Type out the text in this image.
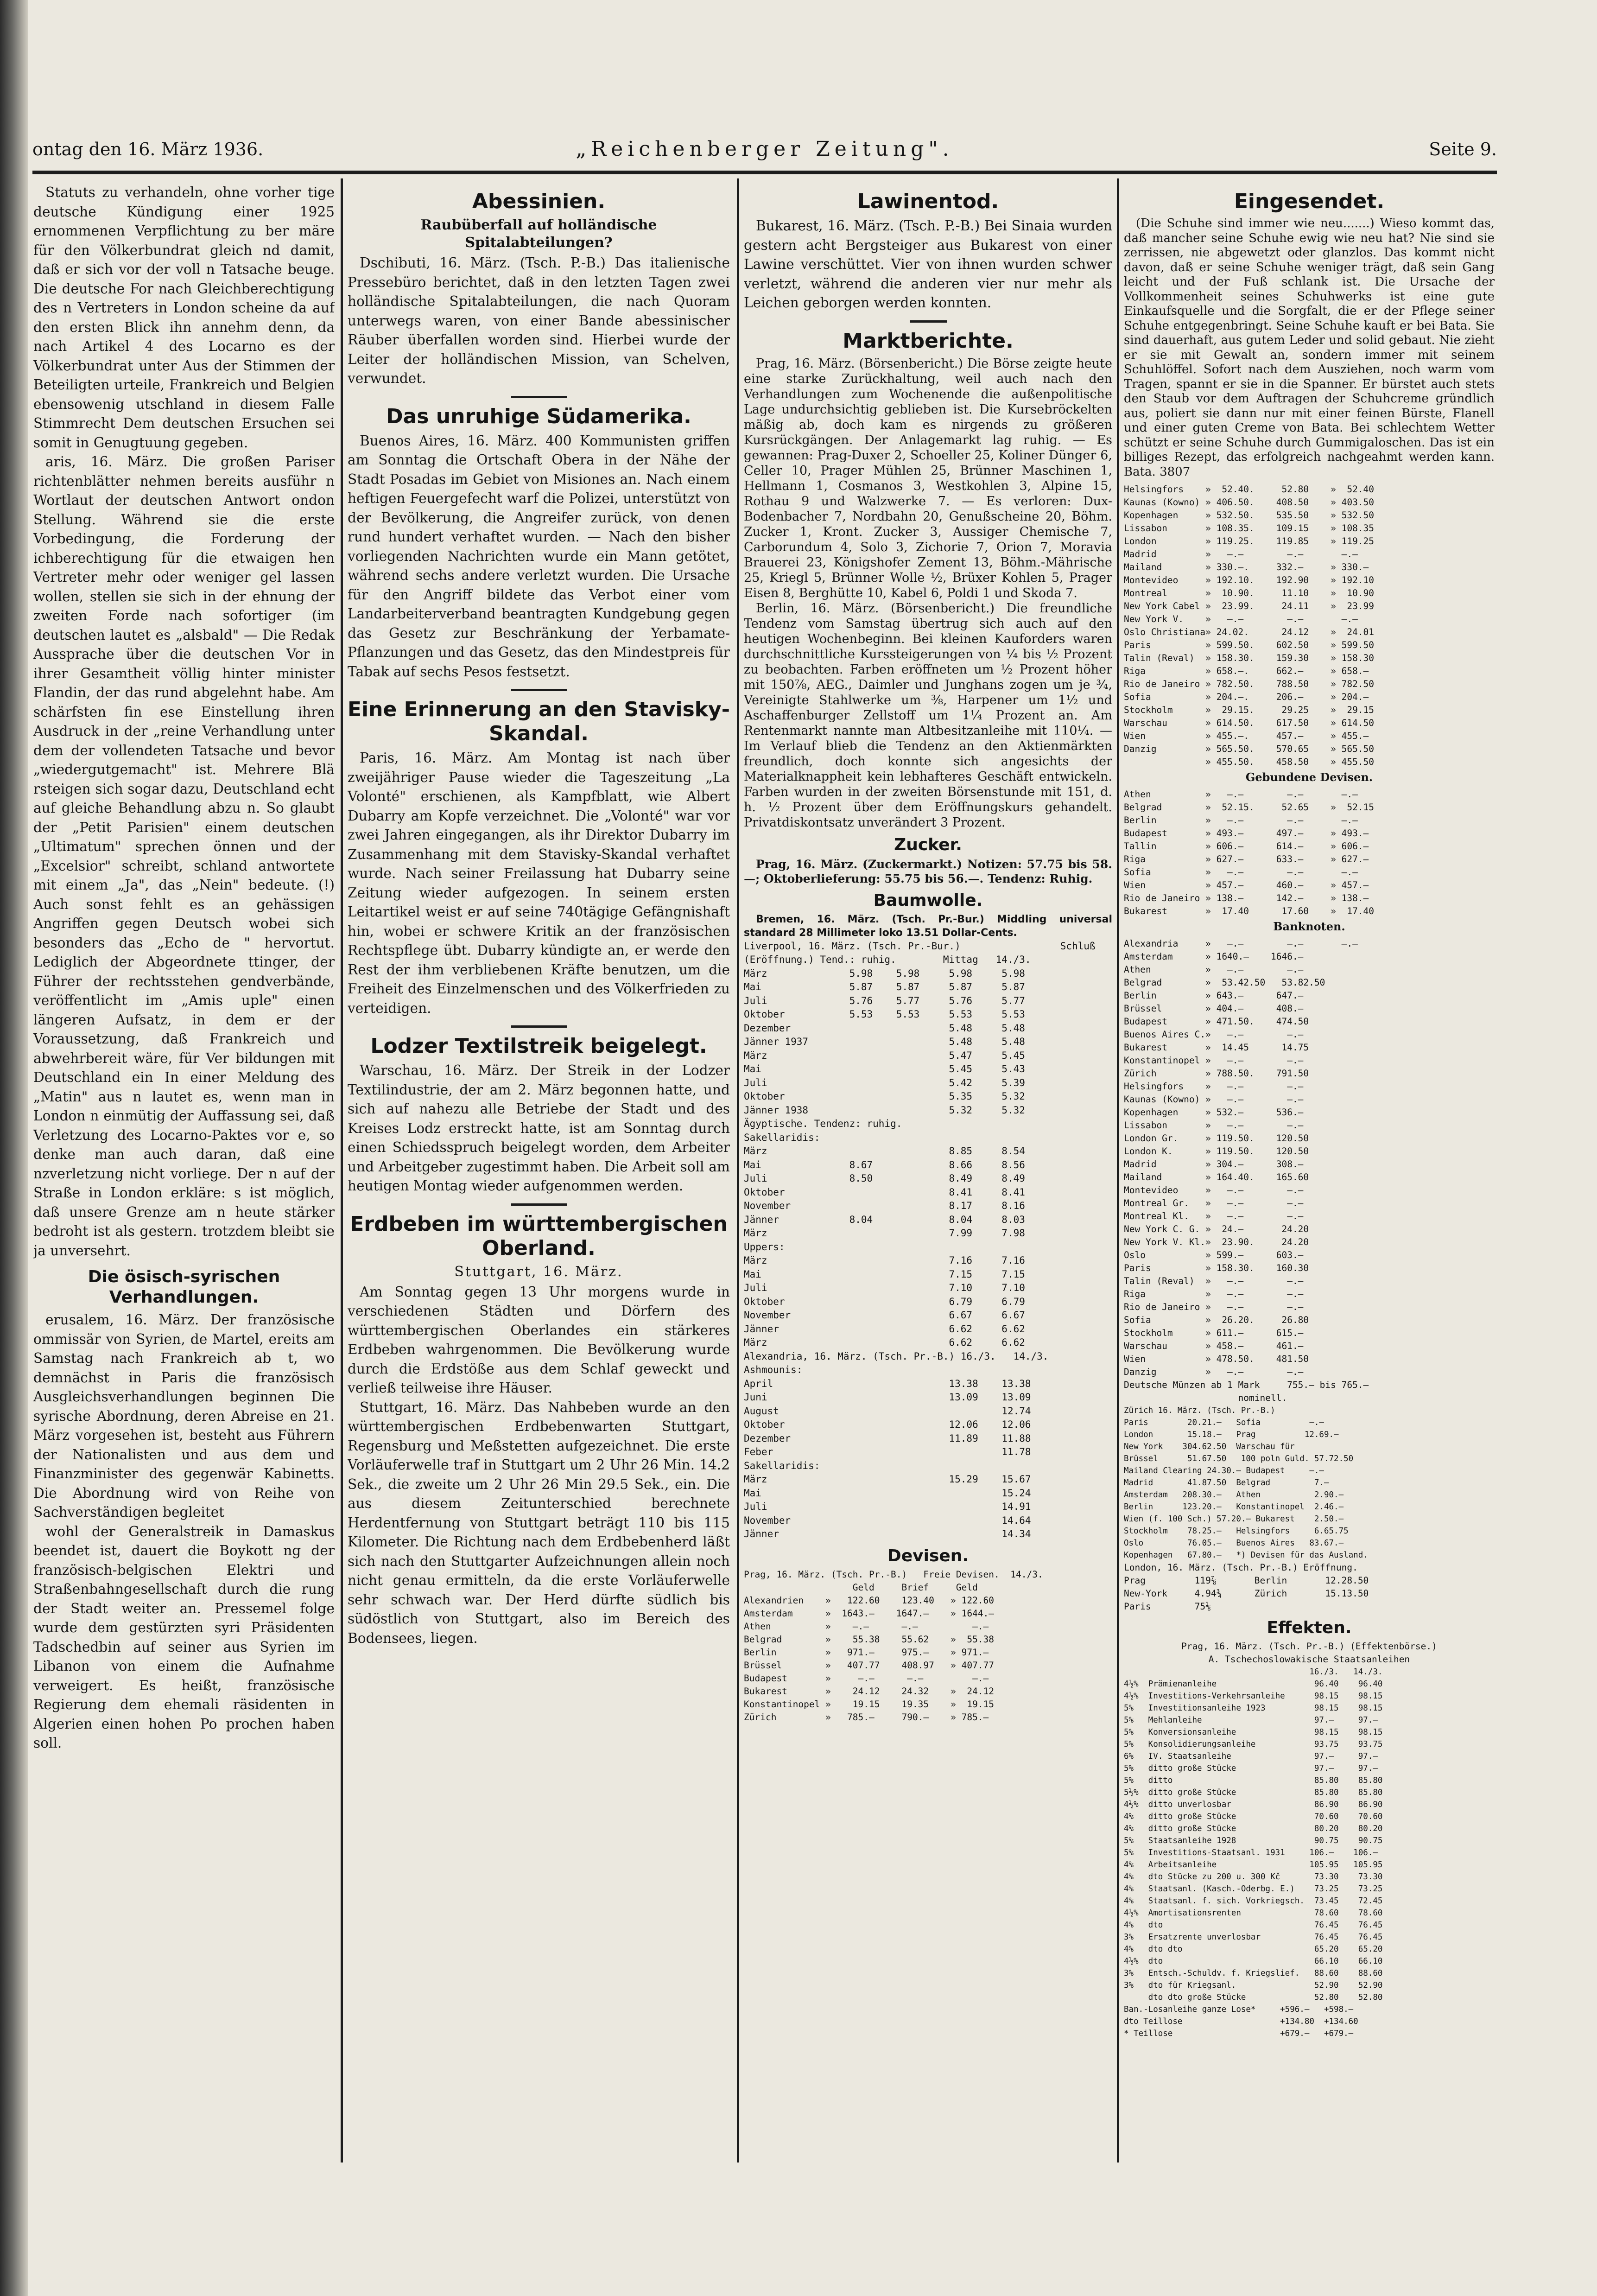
ontag den 16. März 1936.	„Reichenberger Zeitung".	Seite 9.

Statuts zu verhandeln, ohne vorher tige deutsche Kündigung einer 1925 ernommenen Verpflichtung zu ber märe für den Völkerbundrat gleich nd damit, daß er sich vor der voll n Tatsache beuge. Die deutsche For nach Gleichberechtigung des n Vertreters in London scheine da auf den ersten Blick ihn annehm denn, da nach Artikel 4 des Locarno es der Völkerbundrat unter Aus der Stimmen der Beteiligten urteile, Frankreich und Belgien ebensowenig utschland in diesem Falle Stimmrecht Dem deutschen Ersuchen sei somit in Genugtuung gegeben.

aris, 16. März. Die großen Pariser richtenblätter nehmen bereits ausführ n Wortlaut der deutschen Antwort ondon Stellung. Während sie die erste Vorbedingung, die Forderung der ichberechtigung für die etwaigen hen Vertreter mehr oder weniger gel lassen wollen, stellen sie sich in der ehnung der zweiten Forde nach sofortiger (im deutschen lautet es „alsbald" — Die Redak Aussprache über die deutschen Vor in ihrer Gesamtheit völlig hinter minister Flandin, der das rund abgelehnt habe. Am schärfsten fin ese Einstellung ihren Ausdruck in der „reine Verhandlung unter dem der vollendeten Tatsache und bevor „wiedergutgemacht" ist. Mehrere Blä rsteigen sich sogar dazu, Deutschland echt auf gleiche Behandlung abzu n. So glaubt der „Petit Parisien" einem deutschen „Ultimatum" sprechen önnen und der „Excelsior" schreibt, schland antwortete mit einem „Ja", das „Nein" bedeute. (!) Auch sonst fehlt es an gehässigen Angriffen gegen Deutsch wobei sich besonders das „Echo de " hervortut. Lediglich der Abgeordnete ttinger, der Führer der rechtsstehen gendverbände, veröffentlicht im „Amis uple" einen längeren Aufsatz, in dem er der Voraussetzung, daß Frankreich und abwehrbereit wäre, für Ver bildungen mit Deutschland ein In einer Meldung des „Matin" aus n lautet es, wenn man in London n einmütig der Auffassung sei, daß Verletzung des Locarno-Paktes vor e, so denke man auch daran, daß eine nzverletzung nicht vorliege. Der n auf der Straße in London erkläre: s ist möglich, daß unsere Grenze am n heute stärker bedroht ist als gestern. trotzdem bleibt sie ja unversehrt.

Die ösisch-syrischen Verhandlungen.

erusalem, 16. März. Der französische ommissär von Syrien, de Martel, ereits am Samstag nach Frankreich ab t, wo demnächst in Paris die französisch Ausgleichsverhandlungen beginnen Die syrische Abordnung, deren Abreise en 21. März vorgesehen ist, besteht aus Führern der Nationalisten und aus dem und Finanzminister des gegenwär Kabinetts. Die Abordnung wird von Reihe von Sachverständigen begleitet

wohl der Generalstreik in Damaskus beendet ist, dauert die Boykott ng der französisch-belgischen Elektri und Straßenbahngesellschaft durch die rung der Stadt weiter an. Pressemel folge wurde dem gestürzten syri Präsidenten Tadschedbin auf seiner aus Syrien im Libanon von einem die Aufnahme verweigert. Es heißt, französische Regierung dem ehemali räsidenten in Algerien einen hohen Po prochen haben soll.

Abessinien.
Raubüberfall auf holländische Spitalabteilungen?

Dschibuti, 16. März. (Tsch. P.-B.) Das italienische Pressebüro berichtet, daß in den letzten Tagen zwei holländische Spitalabteilungen, die nach Quoram unterwegs waren, von einer Bande abessinischer Räuber überfallen worden sind. Hierbei wurde der Leiter der holländischen Mission, van Schelven, verwundet.

Das unruhige Südamerika.

Buenos Aires, 16. März. 400 Kommunisten griffen am Sonntag die Ortschaft Obera in der Nähe der Stadt Posadas im Gebiet von Misiones an. Nach einem heftigen Feuergefecht warf die Polizei, unterstützt von der Bevölkerung, die Angreifer zurück, von denen rund hundert verhaftet wurden. — Nach den bisher vorliegenden Nachrichten wurde ein Mann getötet, während sechs andere verletzt wurden. Die Ursache für den Angriff bildete das Verbot einer vom Landarbeiterverband beantragten Kundgebung gegen das Gesetz zur Beschränkung der Yerbamate-Pflanzungen und das Gesetz, das den Mindestpreis für Tabak auf sechs Pesos festsetzt.

Eine Erinnerung an den Stavisky-Skandal.

Paris, 16. März. Am Montag ist nach über zweijähriger Pause wieder die Tageszeitung „La Volonté" erschienen, als Kampfblatt, wie Albert Dubarry am Kopfe verzeichnet. Die „Volonté" war vor zwei Jahren eingegangen, als ihr Direktor Dubarry im Zusammenhang mit dem Stavisky-Skandal verhaftet wurde. Nach seiner Freilassung hat Dubarry seine Zeitung wieder aufgezogen. In seinem ersten Leitartikel weist er auf seine 740tägige Gefängnishaft hin, wobei er schwere Kritik an der französischen Rechtspflege übt. Dubarry kündigte an, er werde den Rest der ihm verbliebenen Kräfte benutzen, um die Freiheit des Einzelmenschen und des Völkerfrieden zu verteidigen.

Lodzer Textilstreik beigelegt.

Warschau, 16. März. Der Streik in der Lodzer Textilindustrie, der am 2. März begonnen hatte, und sich auf nahezu alle Betriebe der Stadt und des Kreises Lodz erstreckt hatte, ist am Sonntag durch einen Schiedsspruch beigelegt worden, dem Arbeiter und Arbeitgeber zugestimmt haben. Die Arbeit soll am heutigen Montag wieder aufgenommen werden.

Erdbeben im württembergischen Oberland.
Stuttgart, 16. März.

Am Sonntag gegen 13 Uhr morgens wurde in verschiedenen Städten und Dörfern des württembergischen Oberlandes ein stärkeres Erdbeben wahrgenommen. Die Bevölkerung wurde durch die Erdstöße aus dem Schlaf geweckt und verließ teilweise ihre Häuser.

Stuttgart, 16. März. Das Nahbeben wurde an den württembergischen Erdbebenwarten Stuttgart, Regensburg und Meßstetten aufgezeichnet. Die erste Vorläuferwelle traf in Stuttgart um 2 Uhr 26 Min. 14.2 Sek., die zweite um 2 Uhr 26 Min 29.5 Sek., ein. Die aus diesem Zeitunterschied berechnete Herdentfernung von Stuttgart beträgt 110 bis 115 Kilometer. Die Richtung nach dem Erdbebenherd läßt sich nach den Stuttgarter Aufzeichnungen allein noch nicht genau ermitteln, da die erste Vorläuferwelle sehr schwach war. Der Herd dürfte südlich bis südöstlich von Stuttgart, also im Bereich des Bodensees, liegen.

Lawinentod.

Bukarest, 16. März. (Tsch. P.-B.) Bei Sinaia wurden gestern acht Bergsteiger aus Bukarest von einer Lawine verschüttet. Vier von ihnen wurden schwer verletzt, während die anderen vier nur mehr als Leichen geborgen werden konnten.

Marktberichte.

Prag, 16. März. (Börsenbericht.) Die Börse zeigte heute eine starke Zurückhaltung, weil auch nach den Verhandlungen zum Wochenende die außenpolitische Lage undurchsichtig geblieben ist. Die Kursebröckelten mäßig ab, doch kam es nirgends zu größeren Kursrückgängen. Der Anlagemarkt lag ruhig. — Es gewannen: Prag-Duxer 2, Schoeller 25, Koliner Dünger 6, Celler 10, Prager Mühlen 25, Brünner Maschinen 1, Hellmann 1, Cosmanos 3, Westkohlen 3, Alpine 15, Rothau 9 und Walzwerke 7. — Es verloren: Dux-Bodenbacher 7, Nordbahn 20, Genußscheine 20, Böhm. Zucker 1, Kront. Zucker 3, Aussiger Chemische 7, Carborundum 4, Solo 3, Zichorie 7, Orion 7, Moravia Brauerei 23, Königshofer Zement 13, Böhm.-Mährische 25, Kriegl 5, Brünner Wolle ½, Brüxer Kohlen 5, Prager Eisen 8, Berghütte 10, Kabel 6, Poldi 1 und Skoda 7.

Berlin, 16. März. (Börsenbericht.) Die freundliche Tendenz vom Samstag übertrug sich auch auf den heutigen Wochenbeginn. Bei kleinen Kauforders waren durchschnittliche Kurssteigerungen von ¼ bis ½ Prozent zu beobachten. Farben eröffneten um ½ Prozent höher mit 150⅞, AEG., Daimler und Junghans zogen um je ¾, Vereinigte Stahlwerke um ⅜, Harpener um 1½ und Aschaffenburger Zellstoff um 1¼ Prozent an. Am Rentenmarkt nannte man Altbesitzanleihe mit 110¼. — Im Verlauf blieb die Tendenz an den Aktienmärkten freundlich, doch konnte sich angesichts der Materialknappheit kein lebhafteres Geschäft entwickeln. Farben wurden in der zweiten Börsenstunde mit 151, d. h. ½ Prozent über dem Eröffnungskurs gehandelt. Privatdiskontsatz unverändert 3 Prozent.

Zucker.

Prag, 16. März. (Zuckermarkt.) Notizen: 57.75 bis 58.—; Oktoberlieferung: 55.75 bis 56.—. Tendenz: Ruhig.

Baumwolle.

Bremen, 16. März. (Tsch. Pr.-Bur.) Middling universal standard 28 Millimeter loko 13.51 Dollar-Cents.

Liverpool, 16. März. (Tsch. Pr.-Bur.)                 Schluß
(Eröffnung.) Tend.: ruhig.        Mittag   14./3.
März              5.98    5.98     5.98     5.98
Mai               5.87    5.87     5.87     5.87
Juli              5.76    5.77     5.76     5.77
Oktober           5.53    5.53     5.53     5.53
Dezember                           5.48     5.48
Jänner 1937                        5.48     5.48
März                               5.47     5.45
Mai                                5.45     5.43
Juli                               5.42     5.39
Oktober                            5.35     5.32
Jänner 1938                        5.32     5.32
Ägyptische. Tendenz: ruhig.
Sakellaridis:
März                               8.85     8.54
Mai               8.67             8.66     8.56
Juli              8.50             8.49     8.49
Oktober                            8.41     8.41
November                           8.17     8.16
Jänner            8.04             8.04     8.03
März                               7.99     7.98
Uppers:
März                               7.16     7.16
Mai                                7.15     7.15
Juli                               7.10     7.10
Oktober                            6.79     6.79
November                           6.67     6.67
Jänner                             6.62     6.62
März                               6.62     6.62
Alexandria, 16. März. (Tsch. Pr.-B.) 16./3.   14./3.
Ashmounis:
April                              13.38    13.38
Juni                               13.09    13.09
August                                      12.74
Oktober                            12.06    12.06
Dezember                           11.89    11.88
Feber                                       11.78
Sakellaridis:
März                               15.29    15.67
Mai                                         15.24
Juli                                        14.91
November                                    14.64
Jänner                                      14.34
Devisen.
Prag, 16. März. (Tsch. Pr.-B.)   Freie Devisen.  14./3.
Geld     Brief     Geld
Alexandrien    »   122.60    123.40   » 122.60
Amsterdam      »  1643.—    1647.—    » 1644.—
Athen          »    —.—      —.—          —.—
Belgrad        »    55.38    55.62    »  55.38
Berlin         »   971.—     975.—    » 971.—
Brüssel        »   407.77    408.97   » 407.77
Budapest       »     —.—      —.—         —.—
Bukarest       »    24.12    24.32    »  24.12
Konstantinopel »    19.15    19.35    »  19.15
Zürich         »   785.—     790.—    » 785.—
Eingesendet.

(Die Schuhe sind immer wie neu.......) Wieso kommt das, daß mancher seine Schuhe ewig wie neu hat? Nie sind sie zerrissen, nie abgewetzt oder glanzlos. Das kommt nicht davon, daß er seine Schuhe weniger trägt, daß sein Gang leicht und der Fuß schlank ist. Die Ursache der Vollkommenheit seines Schuhwerks ist eine gute Einkaufsquelle und die Sorgfalt, die er der Pflege seiner Schuhe entgegenbringt. Seine Schuhe kauft er bei Bata. Sie sind dauerhaft, aus gutem Leder und solid gebaut. Nie zieht er sie mit Gewalt an, sondern immer mit seinem Schuhlöffel. Sofort nach dem Ausziehen, noch warm vom Tragen, spannt er sie in die Spanner. Er bürstet auch stets den Staub vor dem Auftragen der Schuhcreme gründlich aus, poliert sie dann nur mit einer feinen Bürste, Flanell und einer guten Creme von Bata. Bei schlechtem Wetter schützt er seine Schuhe durch Gummigaloschen. Das ist ein billiges Rezept, das erfolgreich nachgeahmt werden kann. Bata. 3807

Helsingfors    »  52.40.     52.80    »  52.40
Kaunas (Kowno) » 406.50.    408.50    » 403.50
Kopenhagen     » 532.50.    535.50    » 532.50
Lissabon       » 108.35.    109.15    » 108.35
London         » 119.25.    119.85    » 119.25
Madrid         »   —.—        —.—       —.—
Mailand        » 330.—.     332.—     » 330.—
Montevideo     » 192.10.    192.90    » 192.10
Montreal       »  10.90.     11.10    »  10.90
New York Cabel »  23.99.     24.11    »  23.99
New York V.    »   —.—        —.—       —.—
Oslo Christiana» 24.02.      24.12    »  24.01
Paris          » 599.50.    602.50    » 599.50
Talin (Reval)  » 158.30.    159.30    » 158.30
Riga           » 658.—.     662.—     » 658.—
Rio de Janeiro » 782.50.    788.50    » 782.50
Sofia          » 204.—.     206.—     » 204.—
Stockholm      »  29.15.     29.25    »  29.15
Warschau       » 614.50.    617.50    » 614.50
Wien           » 455.—.     457.—     » 455.—
Danzig         » 565.50.    570.65    » 565.50
» 455.50.    458.50    » 455.50
Gebundene Devisen.
Athen          »   —.—        —.—       —.—
Belgrad        »  52.15.     52.65    »  52.15
Berlin         »   —.—        —.—       —.—
Budapest       » 493.—      497.—     » 493.—
Tallin         » 606.—      614.—     » 606.—
Riga           » 627.—      633.—     » 627.—
Sofia          »   —.—        —.—       —.—
Wien           » 457.—      460.—     » 457.—
Rio de Janeiro » 138.—      142.—     » 138.—
Bukarest       »  17.40      17.60    »  17.40
Banknoten.
Alexandria     »   —.—        —.—       —.—
Amsterdam      » 1640.—    1646.—
Athen          »   —.—        —.—
Belgrad        »  53.42.50   53.82.50
Berlin         » 643.—      647.—
Brüssel        » 404.—      408.—
Budapest       » 471.50.    474.50
Buenos Aires C.»   —.—        —.—
Bukarest       »  14.45      14.75
Konstantinopel »   —.—        —.—
Zürich         » 788.50.    791.50
Helsingfors    »   —.—        —.—
Kaunas (Kowno) »   —.—        —.—
Kopenhagen     » 532.—      536.—
Lissabon       »   —.—        —.—
London Gr.     » 119.50.    120.50
London K.      » 119.50.    120.50
Madrid         » 304.—      308.—
Mailand        » 164.40.    165.60
Montevideo     »   —.—        —.—
Montreal Gr.   »   —.—        —.—
Montreal Kl.   »   —.—        —.—
New York C. G. »  24.—       24.20
New York V. Kl.»  23.90.     24.20
Oslo           » 599.—      603.—
Paris          » 158.30.    160.30
Talin (Reval)  »   —.—        —.—
Riga           »   —.—        —.—
Rio de Janeiro »   —.—        —.—
Sofia          »  26.20.     26.80
Stockholm      » 611.—      615.—
Warschau       » 458.—      461.—
Wien           » 478.50.    481.50
Danzig         »   —.—        —.—
Deutsche Münzen ab 1 Mark     755.— bis 765.—
nominell.
Zürich 16. März. (Tsch. Pr.-B.)
Paris        20.21.—   Sofia          —.—
London       15.18.—   Prag          12.69.—
New York    304.62.50  Warschau für
Brüssel      51.67.50   100 poln Guld. 57.72.50
Mailand Clearing 24.30.— Budapest     —.—
Madrid       41.87.50  Belgrad         7.—
Amsterdam   208.30.—   Athen           2.90.—
Berlin      123.20.—   Konstantinopel  2.46.—
Wien (f. 100 Sch.) 57.20.— Bukarest    2.50.—
Stockholm    78.25.—   Helsingfors     6.65.75
Oslo         76.05.—   Buenos Aires   83.67.—
Kopenhagen   67.80.—   *) Devisen für das Ausland.
London, 16. März. (Tsch. Pr.-B.) Eröffnung.
Prag         119⅞       Berlin       12.28.50
New-York     4.94¾      Zürich       15.13.50
Paris        75⅛
Effekten.
Prag, 16. März. (Tsch. Pr.-B.) (Effektenbörse.)
A. Tschechoslowakische Staatsanleihen
16./3.   14./3.
4½%  Prämienanleihe                    96.40    96.40
4½%  Investitions-Verkehrsanleihe      98.15    98.15
5%   Investitionsanleihe 1923          98.15    98.15
5%   Mehlanleihe                       97.—     97.—
5%   Konversionsanleihe                98.15    98.15
5%   Konsolidierungsanleihe            93.75    93.75
6%   IV. Staatsanleihe                 97.—     97.—
5%   ditto große Stücke                97.—     97.—
5%   ditto                             85.80    85.80
5½%  ditto große Stücke                85.80    85.80
4½%  ditto unverlosbar                 86.90    86.90
4%   ditto große Stücke                70.60    70.60
4%   ditto große Stücke                80.20    80.20
5%   Staatsanleihe 1928                90.75    90.75
5%   Investitions-Staatsanl. 1931     106.—    106.—
4%   Arbeitsanleihe                   105.95   105.95
4%   dto Stücke zu 200 u. 300 Kč       73.30    73.30
4%   Staatsanl. (Kasch.-Oderbg. E.)    73.25    73.25
4%   Staatsanl. f. sich. Vorkriegsch.  73.45    72.45
4½%  Amortisationsrenten               78.60    78.60
4%   dto                               76.45    76.45
3%   Ersatzrente unverlosbar           76.45    76.45
4%   dto dto                           65.20    65.20
4½%  dto                               66.10    66.10
3%   Entsch.-Schuldv. f. Kriegslief.   88.60    88.60
3%   dto für Kriegsanl.                52.90    52.90
dto dto große Stücke              52.80    52.80
Ban.-Losanleihe ganze Lose*     +596.—   +598.—
dto Teillose                    +134.80  +134.60
* Teillose                      +679.—   +679.—
